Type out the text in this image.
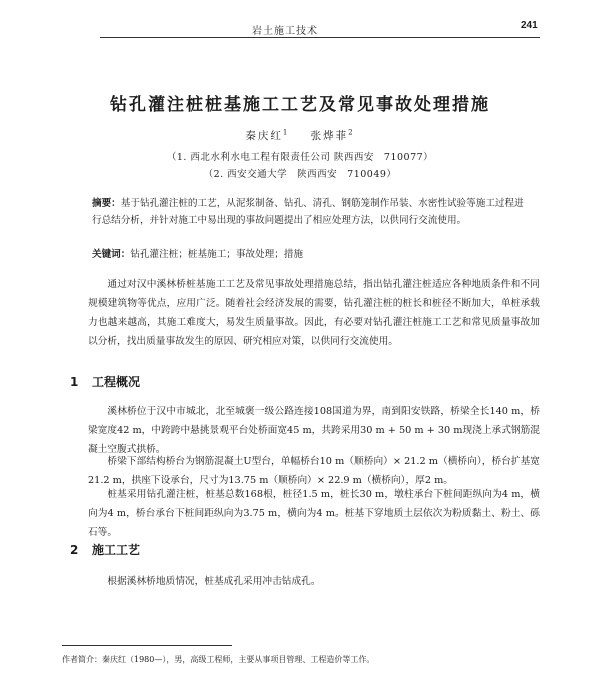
岩土施工技术
241
钻孔灌注桩桩基施工工艺及常见事故处理措施
秦庆红$^1$ 张烨菲$^2$
（1. 西北水利水电工程有限责任公司 陕西西安　710077）
（2. 西安交通大学　陕西西安　710049）
摘要：基于钻孔灌注桩的工艺，从泥浆制备、钻孔、清孔、钢筋笼制作吊装、水密性试验等施工过程进行总结分析，并针对施工中易出现的事故问题提出了相应处理方法，以供同行交流使用。
关键词：钻孔灌注桩；桩基施工；事故处理；措施
通过对汉中溪林桥桩基施工工艺及常见事故处理措施总结，指出钻孔灌注桩适应各种地质条件和不同规模建筑物等优点，应用广泛。随着社会经济发展的需要，钻孔灌注桩的桩长和桩径不断加大，单桩承载力也越来越高，其施工难度大，易发生质量事故。因此，有必要对钻孔灌注桩施工工艺和常见质量事故加以分析，找出质量事故发生的原因、研究相应对策，以供同行交流使用。
1 工程概况
溪林桥位于汉中市城北，北至城褒一级公路连接108国道为界，南到阳安铁路，桥梁全长140 m，桥梁宽度42 m，中跨跨中悬挑景观平台处桥面宽45 m，共跨采用30 m + 50 m + 30 m现浇上承式钢筋混凝土空腹式拱桥。
桥梁下部结构桥台为钢筋混凝土U型台，单幅桥台10 m（顺桥向）× 21.2 m（横桥向），桥台扩基宽21.2 m，拱座下设承台，尺寸为13.75 m（顺桥向）× 22.9 m（横桥向），厚2 m。
桩基采用钻孔灌注桩，桩基总数168根，桩径1.5 m，桩长30 m，墩柱承台下桩间距纵向为4 m，横向为4 m，桥台承台下桩间距纵向为3.75 m，横向为4 m。桩基下穿地质土层依次为粉质黏土、粉土、砾石等。
2 施工工艺
根据溪林桥地质情况，桩基成孔采用冲击钻成孔。
作者简介：秦庆红（1980—），男，高级工程师，主要从事项目管理、工程造价等工作。
